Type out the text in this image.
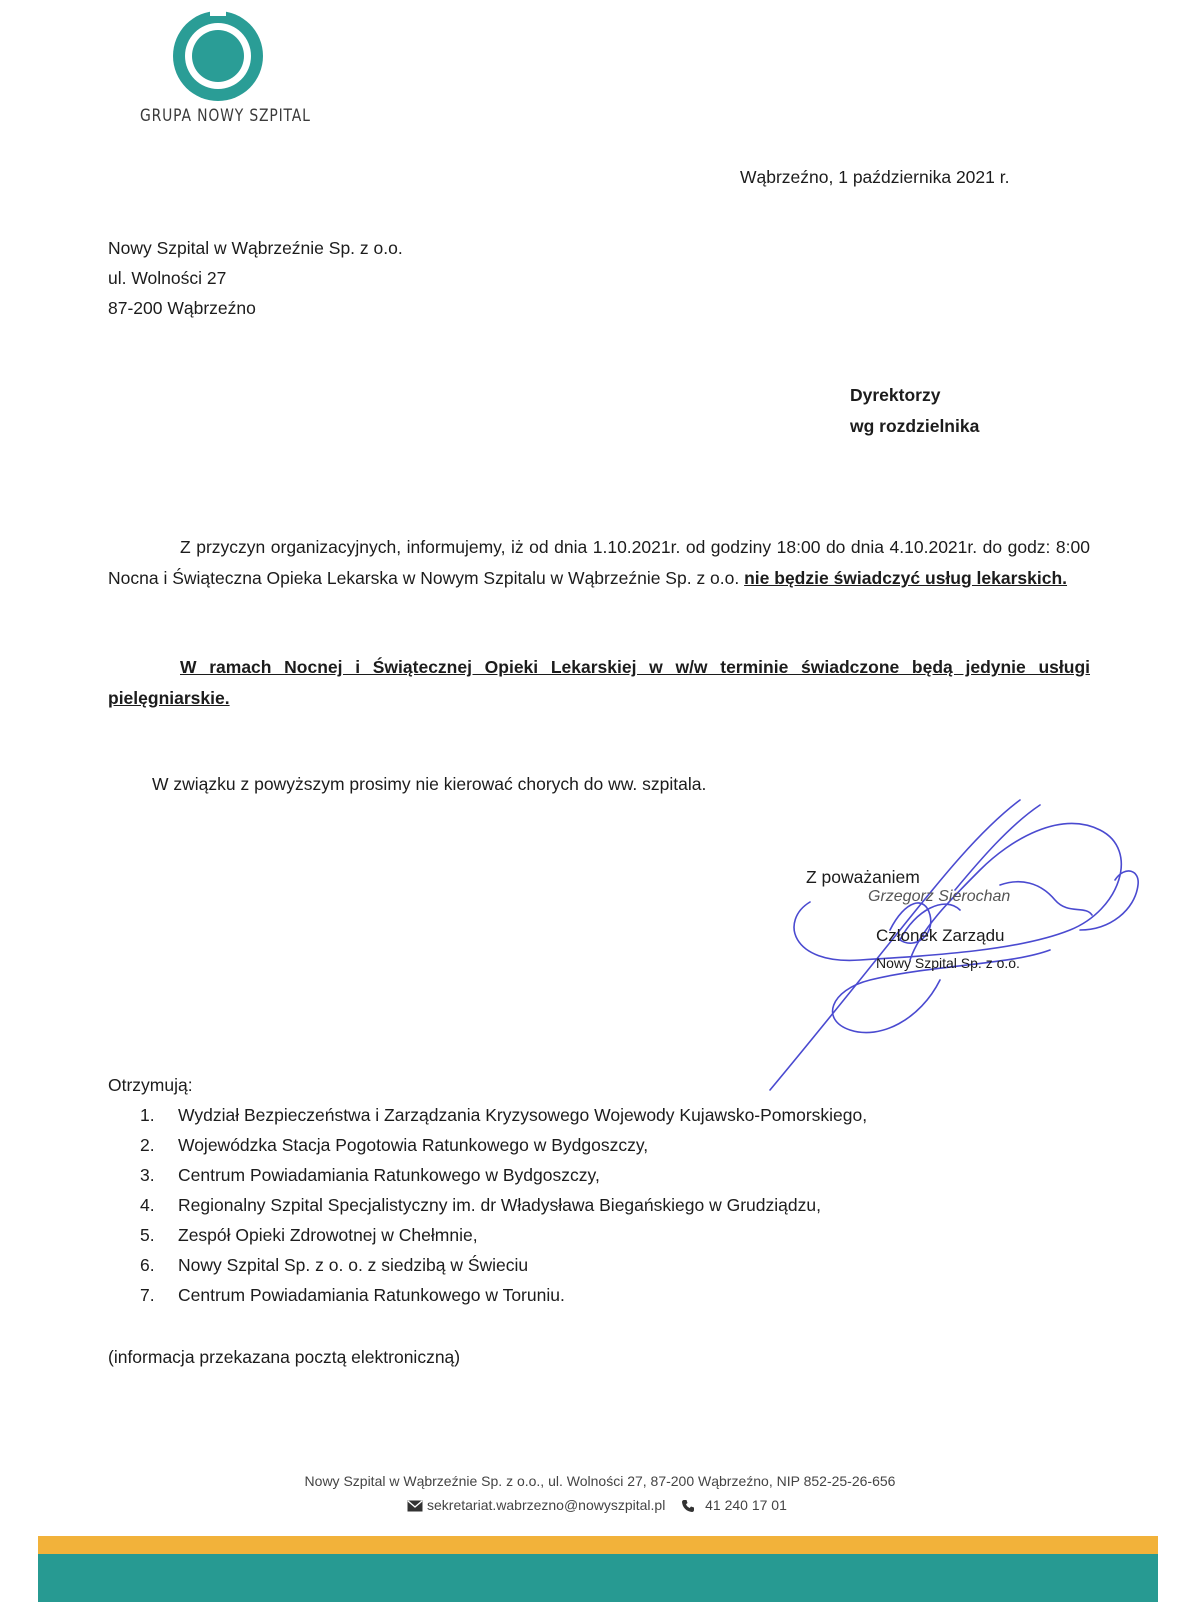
GRUPA NOWY SZPITAL
Wąbrzeźno, 1 października 2021 r.
Nowy Szpital w Wąbrzeźnie Sp. z o.o.
ul. Wolności 27
87-200 Wąbrzeźno
Dyrektorzy
wg rozdzielnika
Z przyczyn organizacyjnych, informujemy, iż od dnia 1.10.2021r. od godziny 18:00 do dnia 4.10.2021r. do godz: 8:00 Nocna i Świąteczna Opieka Lekarska w Nowym Szpitalu w Wąbrzeźnie Sp. z o.o. nie będzie świadczyć usług lekarskich.
W ramach Nocnej i Świątecznej Opieki Lekarskiej w w/w terminie świadczone będą jedynie usługi pielęgniarskie.
W związku z powyższym prosimy nie kierować chorych do ww. szpitala.
Z poważaniem
Grzegorz Sierochan
Członek Zarządu
Nowy Szpital Sp. z o.o.
Otrzymują:
1. Wydział Bezpieczeństwa i Zarządzania Kryzysowego Wojewody Kujawsko-Pomorskiego,
2. Wojewódzka Stacja Pogotowia Ratunkowego w Bydgoszczy,
3. Centrum Powiadamiania Ratunkowego w Bydgoszczy,
4. Regionalny Szpital Specjalistyczny im. dr Władysława Biegańskiego w Grudziądzu,
5. Zespół Opieki Zdrowotnej w Chełmnie,
6. Nowy Szpital Sp. z o. o. z siedzibą w Świeciu
7. Centrum Powiadamiania Ratunkowego w Toruniu.
(informacja przekazana pocztą elektroniczną)
Nowy Szpital w Wąbrzeźnie Sp. z o.o., ul. Wolności 27, 87-200 Wąbrzeźno, NIP 852-25-26-656
sekretariat.wabrzezno@nowyszpital.pl	41 240 17 01
